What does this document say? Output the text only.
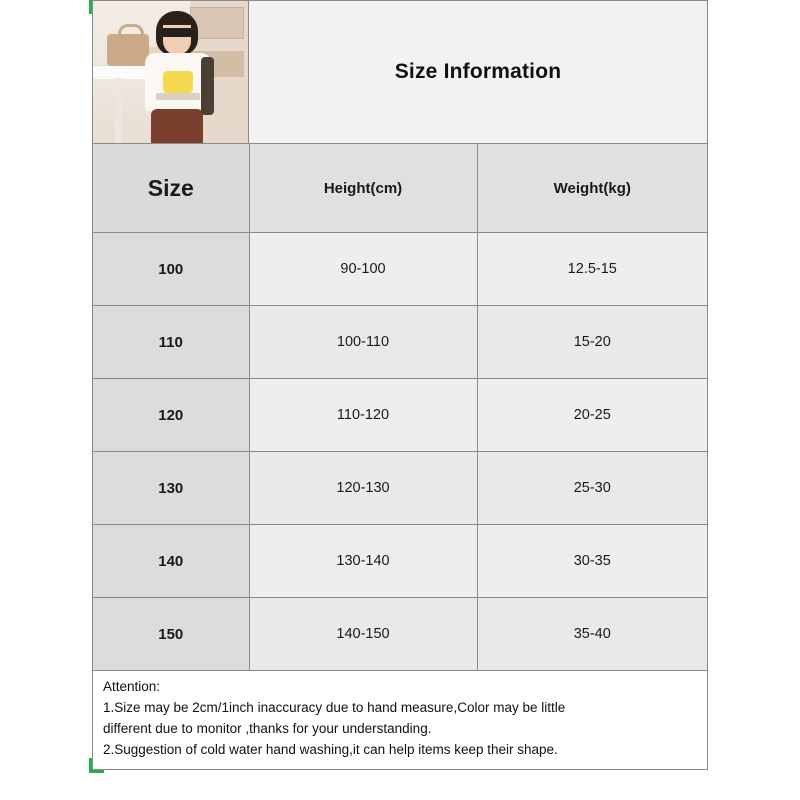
Size Information
Size	Height(cm)	Weight(kg)
100	90-100	12.5-15
110	100-110	15-20
120	110-120	20-25
130	120-130	25-30
140	130-140	30-35
150	140-150	35-40
Attention:
1.Size may be 2cm/1inch inaccuracy due to hand measure,Color may be little
different due to monitor ,thanks for your understanding.
2.Suggestion of cold water hand washing,it can help items keep their shape.
